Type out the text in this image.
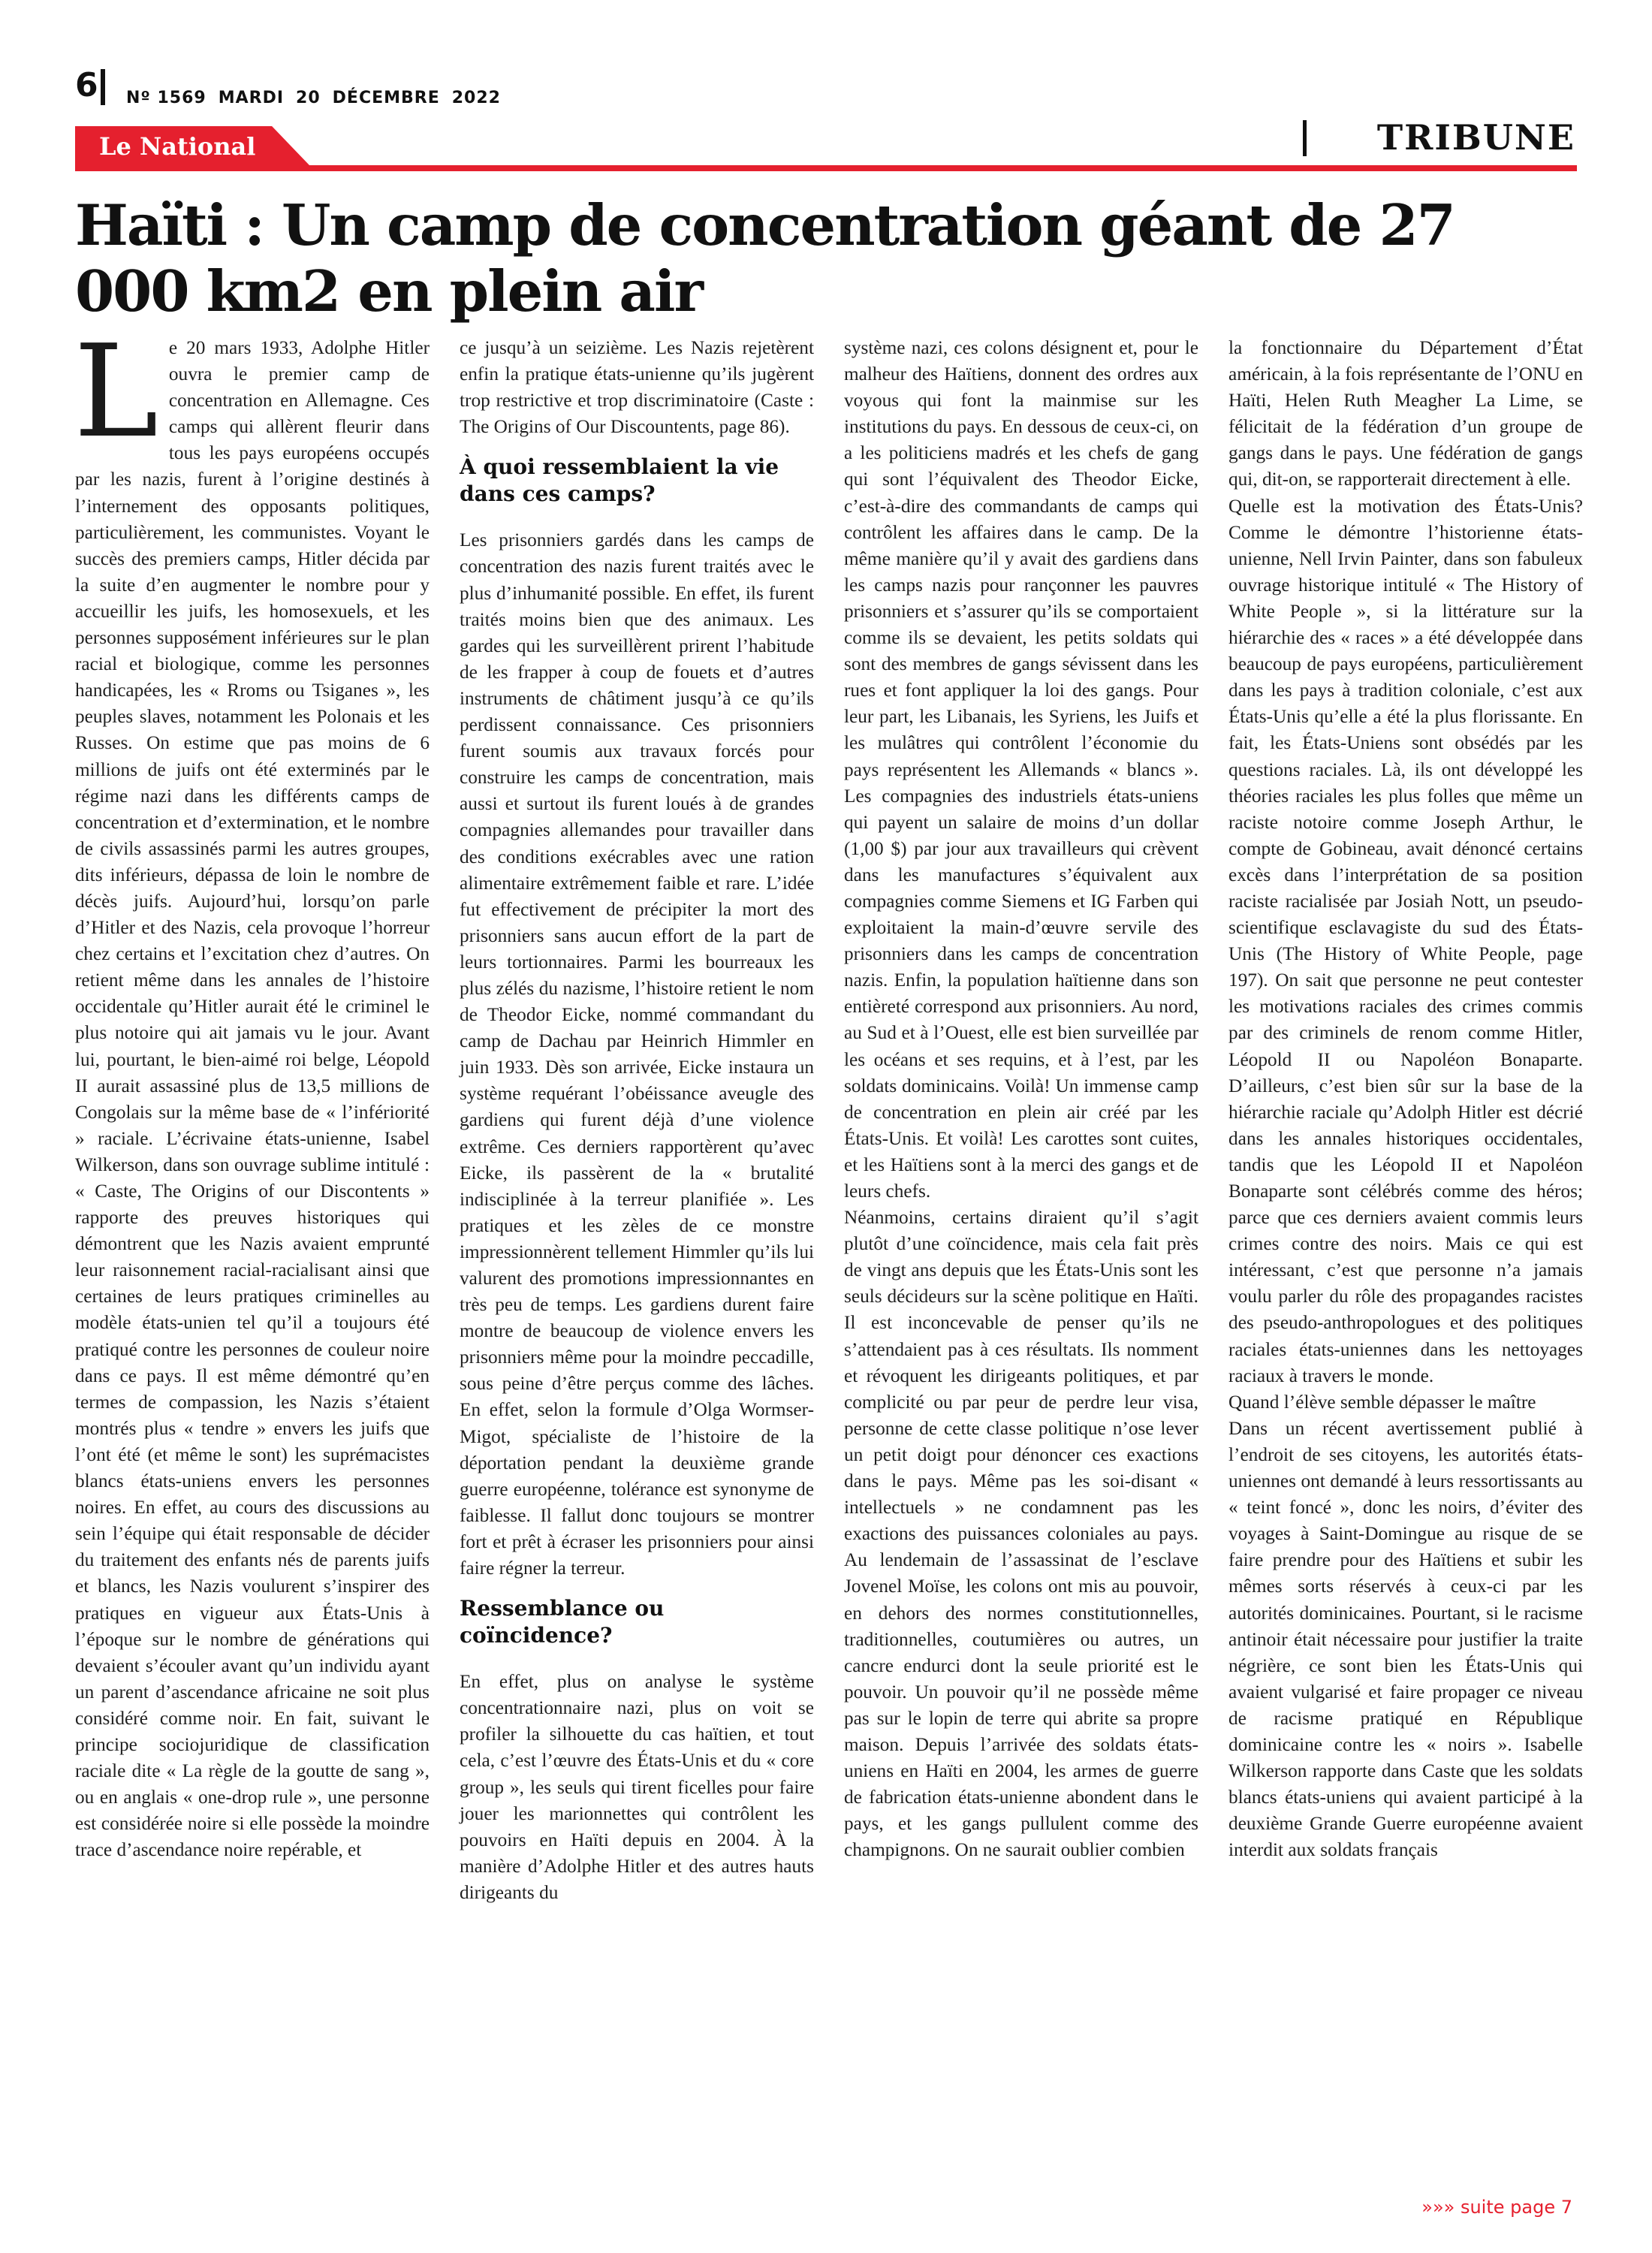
6 Nº 1569 MARDI 20 DÉCEMBRE 2022
Le National	TRIBUNE
Haïti : Un camp de concentration géant de 27 000 km2 en plein air

Le 20 mars 1933, Adolphe Hitler ouvra le premier camp de concentration en Allemagne. Ces camps qui allèrent fleurir dans tous les pays européens occupés par les nazis, furent à l’origine destinés à l’internement des opposants politiques, particulièrement, les communistes. Voyant le succès des premiers camps, Hitler décida par la suite d’en augmenter le nombre pour y accueillir les juifs, les homosexuels, et les personnes supposément inférieures sur le plan racial et biologique, comme les personnes handicapées, les « Rroms ou Tsiganes », les peuples slaves, notamment les Polonais et les Russes. On estime que pas moins de 6 millions de juifs ont été exterminés par le régime nazi dans les différents camps de concentration et d’extermination, et le nombre de civils assassinés parmi les autres groupes, dits inférieurs, dépassa de loin le nombre de décès juifs. Aujourd’hui, lorsqu’on parle d’Hitler et des Nazis, cela provoque l’horreur chez certains et l’excitation chez d’autres. On retient même dans les annales de l’histoire occidentale qu’Hitler aurait été le criminel le plus notoire qui ait jamais vu le jour. Avant lui, pourtant, le bien-aimé roi belge, Léopold II aurait assassiné plus de 13,5 millions de Congolais sur la même base de « l’infériorité » raciale. L’écrivaine états-unienne, Isabel Wilkerson, dans son ouvrage sublime intitulé : « Caste, The Origins of our Discontents » rapporte des preuves historiques qui démontrent que les Nazis avaient emprunté leur raisonnement racial-racialisant ainsi que certaines de leurs pratiques criminelles au modèle états-unien tel qu’il a toujours été pratiqué contre les personnes de couleur noire dans ce pays. Il est même démontré qu’en termes de compassion, les Nazis s’étaient montrés plus « tendre » envers les juifs que l’ont été (et même le sont) les suprémacistes blancs états-uniens envers les personnes noires. En effet, au cours des discussions au sein l’équipe qui était responsable de décider du traitement des enfants nés de parents juifs et blancs, les Nazis voulurent s’inspirer des pratiques en vigueur aux États-Unis à l’époque sur le nombre de générations qui devaient s’écouler avant qu’un individu ayant un parent d’ascendance africaine ne soit plus considéré comme noir. En fait, suivant le principe sociojuridique de classification raciale dite « La règle de la goutte de sang », ou en anglais « one-drop rule », une personne est considérée noire si elle possède la moindre trace d’ascendance noire repérable, et

ce jusqu’à un seizième. Les Nazis rejetèrent enfin la pratique états-unienne qu’ils jugèrent trop restrictive et trop discriminatoire (Caste : The Origins of Our Discountents, page 86).

À quoi ressemblaient la vie dans ces camps?

Les prisonniers gardés dans les camps de concentration des nazis furent traités avec le plus d’inhumanité possible. En effet, ils furent traités moins bien que des animaux. Les gardes qui les surveillèrent prirent l’habitude de les frapper à coup de fouets et d’autres instruments de châtiment jusqu’à ce qu’ils perdissent connaissance. Ces prisonniers furent soumis aux travaux forcés pour construire les camps de concentration, mais aussi et surtout ils furent loués à de grandes compagnies allemandes pour travailler dans des conditions exécrables avec une ration alimentaire extrêmement faible et rare. L’idée fut effectivement de précipiter la mort des prisonniers sans aucun effort de la part de leurs tortionnaires. Parmi les bourreaux les plus zélés du nazisme, l’histoire retient le nom de Theodor Eicke, nommé commandant du camp de Dachau par Heinrich Himmler en juin 1933. Dès son arrivée, Eicke instaura un système requérant l’obéissance aveugle des gardiens qui furent déjà d’une violence extrême. Ces derniers rapportèrent qu’avec Eicke, ils passèrent de la « brutalité indisciplinée à la terreur planifiée ». Les pratiques et les zèles de ce monstre impressionnèrent tellement Himmler qu’ils lui valurent des promotions impressionnantes en très peu de temps. Les gardiens durent faire montre de beaucoup de violence envers les prisonniers même pour la moindre peccadille, sous peine d’être perçus comme des lâches. En effet, selon la formule d’Olga Wormser-Migot, spécialiste de l’histoire de la déportation pendant la deuxième grande guerre européenne, tolérance est synonyme de faiblesse. Il fallut donc toujours se montrer fort et prêt à écraser les prisonniers pour ainsi faire régner la terreur.

Ressemblance ou coïncidence?

En effet, plus on analyse le système concentrationnaire nazi, plus on voit se profiler la silhouette du cas haïtien, et tout cela, c’est l’œuvre des États-Unis et du « core group », les seuls qui tirent ficelles pour faire jouer les marionnettes qui contrôlent les pouvoirs en Haïti depuis en 2004. À la manière d’Adolphe Hitler et des autres hauts dirigeants du

système nazi, ces colons désignent et, pour le malheur des Haïtiens, donnent des ordres aux voyous qui font la mainmise sur les institutions du pays. En dessous de ceux-ci, on a les politiciens madrés et les chefs de gang qui sont l’équivalent des Theodor Eicke, c’est-à-dire des commandants de camps qui contrôlent les affaires dans le camp. De la même manière qu’il y avait des gardiens dans les camps nazis pour rançonner les pauvres prisonniers et s’assurer qu’ils se comportaient comme ils se devaient, les petits soldats qui sont des membres de gangs sévissent dans les rues et font appliquer la loi des gangs. Pour leur part, les Libanais, les Syriens, les Juifs et les mulâtres qui contrôlent l’économie du pays représentent les Allemands « blancs ». Les compagnies des industriels états-uniens qui payent un salaire de moins d’un dollar (1,00 $) par jour aux travailleurs qui crèvent dans les manufactures s’équivalent aux compagnies comme Siemens et IG Farben qui exploitaient la main-d’œuvre servile des prisonniers dans les camps de concentration nazis. Enfin, la population haïtienne dans son entièreté correspond aux prisonniers. Au nord, au Sud et à l’Ouest, elle est bien surveillée par les océans et ses requins, et à l’est, par les soldats dominicains. Voilà! Un immense camp de concentration en plein air créé par les États-Unis. Et voilà! Les carottes sont cuites, et les Haïtiens sont à la merci des gangs et de leurs chefs.

Néanmoins, certains diraient qu’il s’agit plutôt d’une coïncidence, mais cela fait près de vingt ans depuis que les États-Unis sont les seuls décideurs sur la scène politique en Haïti. Il est inconcevable de penser qu’ils ne s’attendaient pas à ces résultats. Ils nomment et révoquent les dirigeants politiques, et par complicité ou par peur de perdre leur visa, personne de cette classe politique n’ose lever un petit doigt pour dénoncer ces exactions dans le pays. Même pas les soi-disant « intellectuels » ne condamnent pas les exactions des puissances coloniales au pays. Au lendemain de l’assassinat de l’esclave Jovenel Moïse, les colons ont mis au pouvoir, en dehors des normes constitutionnelles, traditionnelles, coutumières ou autres, un cancre endurci dont la seule priorité est le pouvoir. Un pouvoir qu’il ne possède même pas sur le lopin de terre qui abrite sa propre maison. Depuis l’arrivée des soldats états-uniens en Haïti en 2004, les armes de guerre de fabrication états-unienne abondent dans le pays, et les gangs pullulent comme des champignons. On ne saurait oublier combien

la fonctionnaire du Département d’État américain, à la fois représentante de l’ONU en Haïti, Helen Ruth Meagher La Lime, se félicitait de la fédération d’un groupe de gangs dans le pays. Une fédération de gangs qui, dit-on, se rapporterait directement à elle.

Quelle est la motivation des États-Unis? Comme le démontre l’historienne états-unienne, Nell Irvin Painter, dans son fabuleux ouvrage historique intitulé « The History of White People », si la littérature sur la hiérarchie des « races » a été développée dans beaucoup de pays européens, particulièrement dans les pays à tradition coloniale, c’est aux États-Unis qu’elle a été la plus florissante. En fait, les États-Uniens sont obsédés par les questions raciales. Là, ils ont développé les théories raciales les plus folles que même un raciste notoire comme Joseph Arthur, le compte de Gobineau, avait dénoncé certains excès dans l’interprétation de sa position raciste racialisée par Josiah Nott, un pseudo-scientifique esclavagiste du sud des États-Unis (The History of White People, page 197). On sait que personne ne peut contester les motivations raciales des crimes commis par des criminels de renom comme Hitler, Léopold II ou Napoléon Bonaparte. D’ailleurs, c’est bien sûr sur la base de la hiérarchie raciale qu’Adolph Hitler est décrié dans les annales historiques occidentales, tandis que les Léopold II et Napoléon Bonaparte sont célébrés comme des héros; parce que ces derniers avaient commis leurs crimes contre des noirs. Mais ce qui est intéressant, c’est que personne n’a jamais voulu parler du rôle des propagandes racistes des pseudo-anthropologues et des politiques raciales états-uniennes dans les nettoyages raciaux à travers le monde.

Quand l’élève semble dépasser le maître

Dans un récent avertissement publié à l’endroit de ses citoyens, les autorités états-uniennes ont demandé à leurs ressortissants au « teint foncé », donc les noirs, d’éviter des voyages à Saint-Domingue au risque de se faire prendre pour des Haïtiens et subir les mêmes sorts réservés à ceux-ci par les autorités dominicaines. Pourtant, si le racisme antinoir était nécessaire pour justifier la traite négrière, ce sont bien les États-Unis qui avaient vulgarisé et faire propager ce niveau de racisme pratiqué en République dominicaine contre les « noirs ». Isabelle Wilkerson rapporte dans Caste que les soldats blancs états-uniens qui avaient participé à la deuxième Grande Guerre européenne avaient interdit aux soldats français

»»» suite page 7
